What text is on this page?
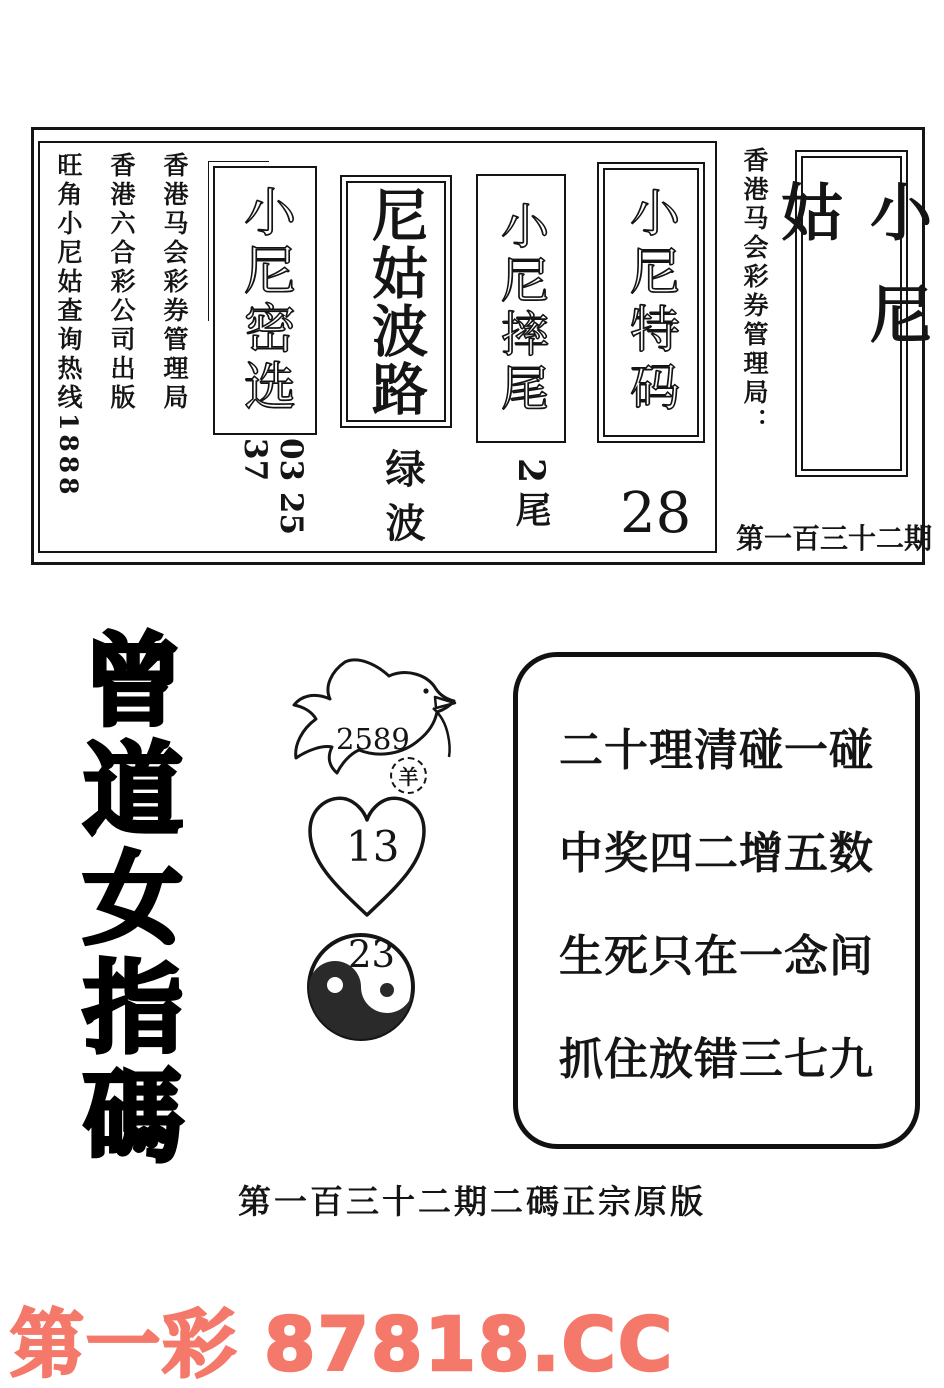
旺角小尼姑查询热线1888 香港六合彩公司出版 香港马会彩券管理局 小尼密选
03 25 37
尼姑波路
绿波
小尼摔尾
2尾
小尼特码
28
香港马会彩券管理局：	小尼姑
第一百三十二期
曾道女指碼	2589
羊
13
23
二十理清碰一碰
中奖四二增五数
生死只在一念间
抓住放错三七九
第一百三十二期二碼正宗原版
第一彩 87818.CC
